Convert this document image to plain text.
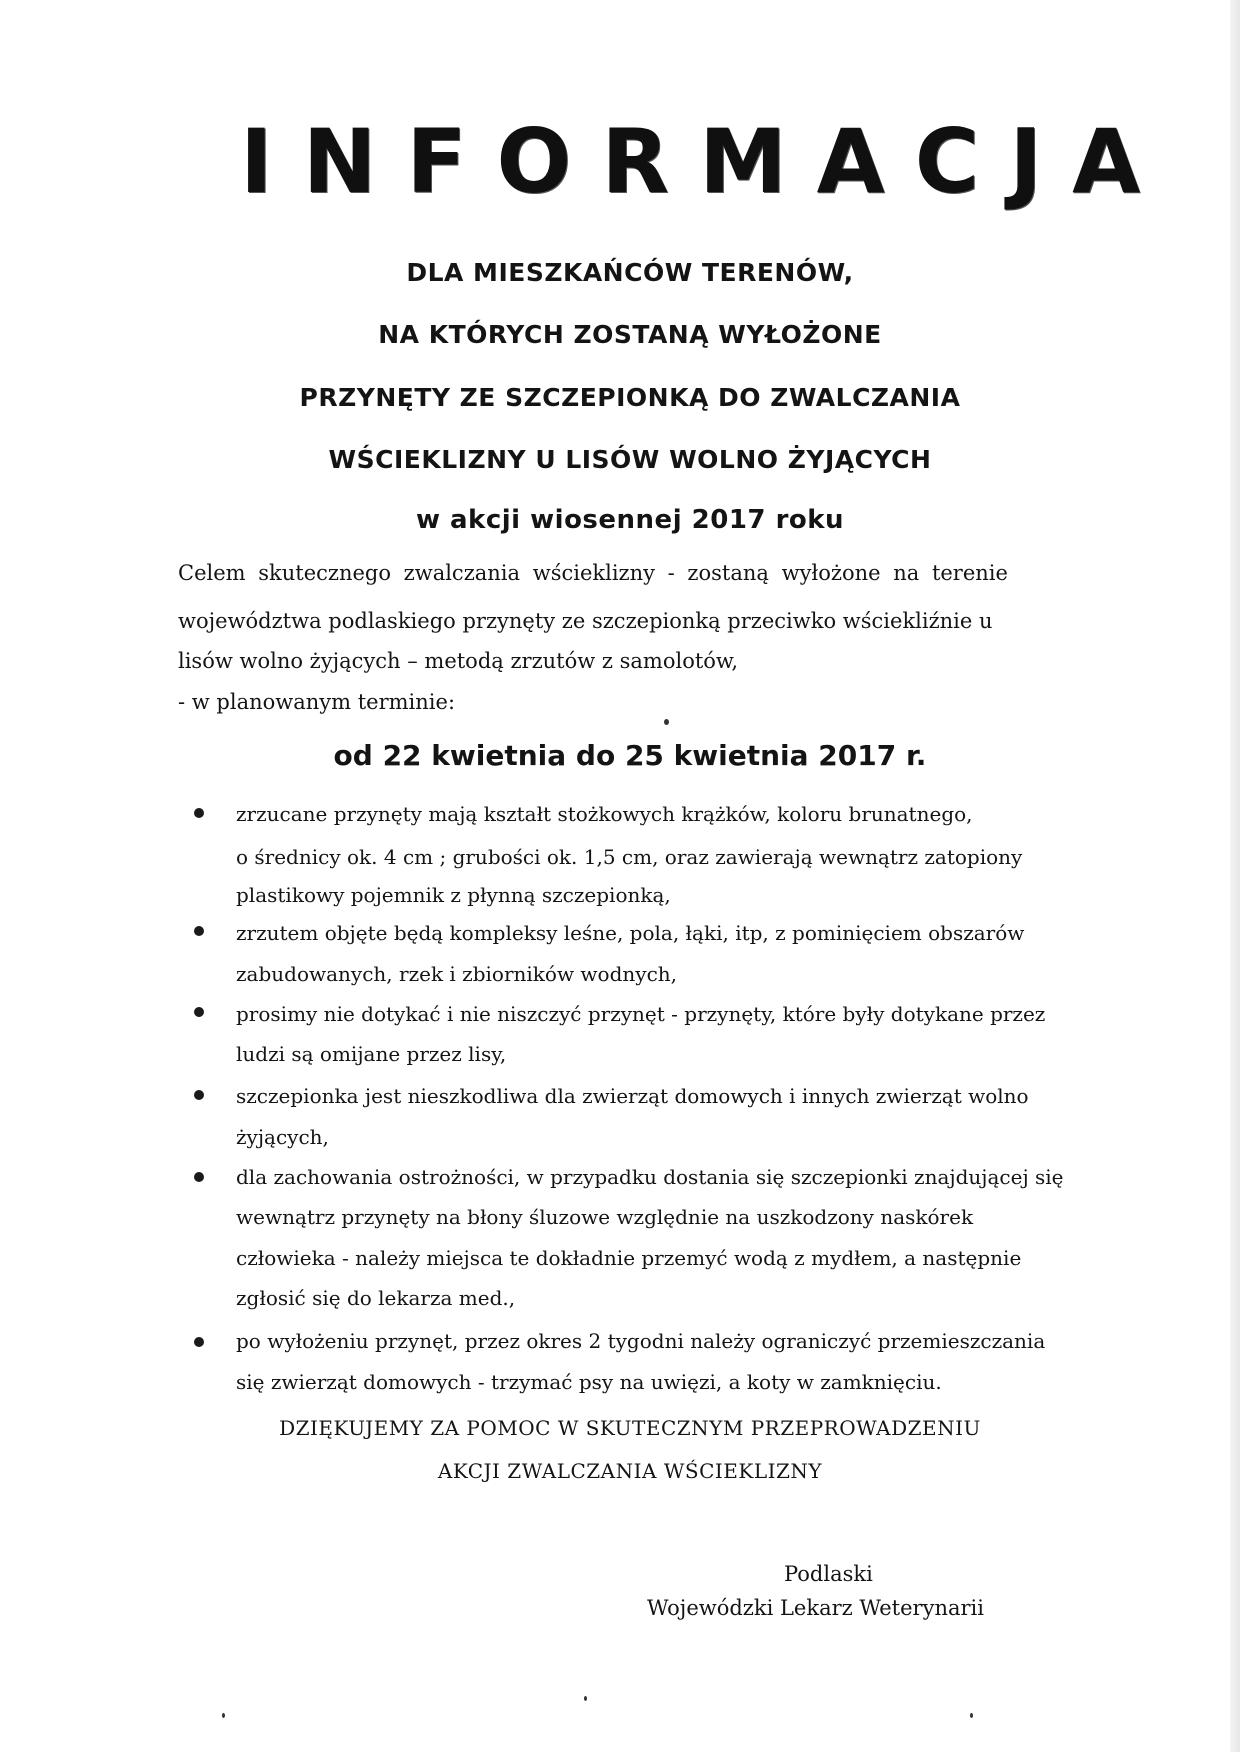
INFORMACJA
DLA MIESZKAŃCÓW TERENÓW,
NA KTÓRYCH ZOSTANĄ WYŁOŻONE
PRZYNĘTY ZE SZCZEPIONKĄ DO ZWALCZANIA
WŚCIEKLIZNY U LISÓW WOLNO ŻYJĄCYCH
w akcji wiosennej 2017 roku
Celem skutecznego zwalczania wścieklizny - zostaną wyłożone na terenie
województwa podlaskiego przynęty ze szczepionką przeciwko wściekliźnie u
lisów wolno żyjących – metodą zrzutów z samolotów,
- w planowanym terminie:
od 22 kwietnia do 25 kwietnia 2017 r.
zrzucane przynęty mają kształt stożkowych krążków, koloru brunatnego,
o średnicy ok. 4 cm ; grubości ok. 1,5 cm, oraz zawierają wewnątrz zatopiony
plastikowy pojemnik z płynną szczepionką,
zrzutem objęte będą kompleksy leśne, pola, łąki, itp, z pominięciem obszarów
zabudowanych, rzek i zbiorników wodnych,
prosimy nie dotykać i nie niszczyć przynęt - przynęty, które były dotykane przez
ludzi są omijane przez lisy,
szczepionka jest nieszkodliwa dla zwierząt domowych i innych zwierząt wolno
żyjących,
dla zachowania ostrożności, w przypadku dostania się szczepionki znajdującej się
wewnątrz przynęty na błony śluzowe względnie na uszkodzony naskórek
człowieka - należy miejsca te dokładnie przemyć wodą z mydłem, a następnie
zgłosić się do lekarza med.,
po wyłożeniu przynęt, przez okres 2 tygodni należy ograniczyć przemieszczania
się zwierząt domowych - trzymać psy na uwięzi, a koty w zamknięciu.
DZIĘKUJEMY ZA POMOC W SKUTECZNYM PRZEPROWADZENIU
AKCJI ZWALCZANIA WŚCIEKLIZNY
Podlaski
Wojewódzki Lekarz Weterynarii
